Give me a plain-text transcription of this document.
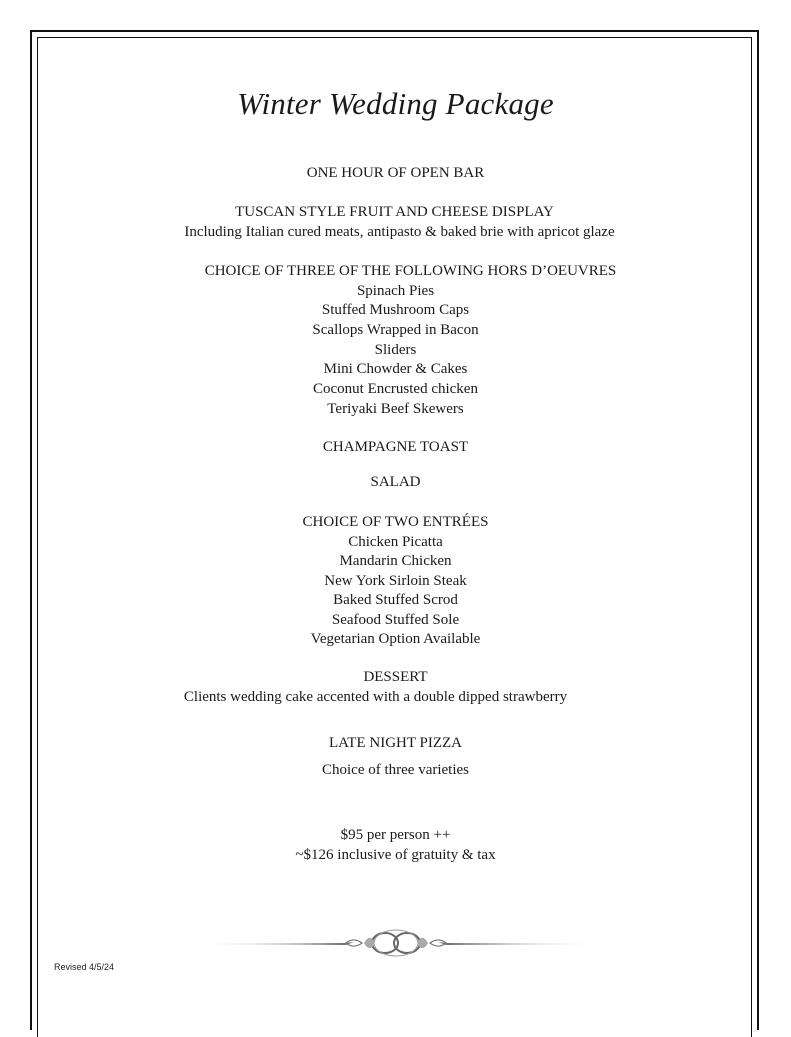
Winter Wedding Package
ONE HOUR OF OPEN BAR
TUSCAN STYLE FRUIT AND CHEESE DISPLAY
Including Italian cured meats, antipasto & baked brie with apricot glaze
CHOICE OF THREE OF THE FOLLOWING HORS D’OEUVRES
Spinach Pies
Stuffed Mushroom Caps
Scallops Wrapped in Bacon
Sliders
Mini Chowder & Cakes
Coconut Encrusted chicken
Teriyaki Beef Skewers
CHAMPAGNE TOAST
SALAD
CHOICE OF TWO ENTRÉES
Chicken Picatta
Mandarin Chicken
New York Sirloin Steak
Baked Stuffed Scrod
Seafood Stuffed Sole
Vegetarian Option Available
DESSERT
Clients wedding cake accented with a double dipped strawberry
LATE NIGHT PIZZA
Choice of three varieties
$95 per person ++
~$126 inclusive of gratuity & tax
Revised 4/5/24
